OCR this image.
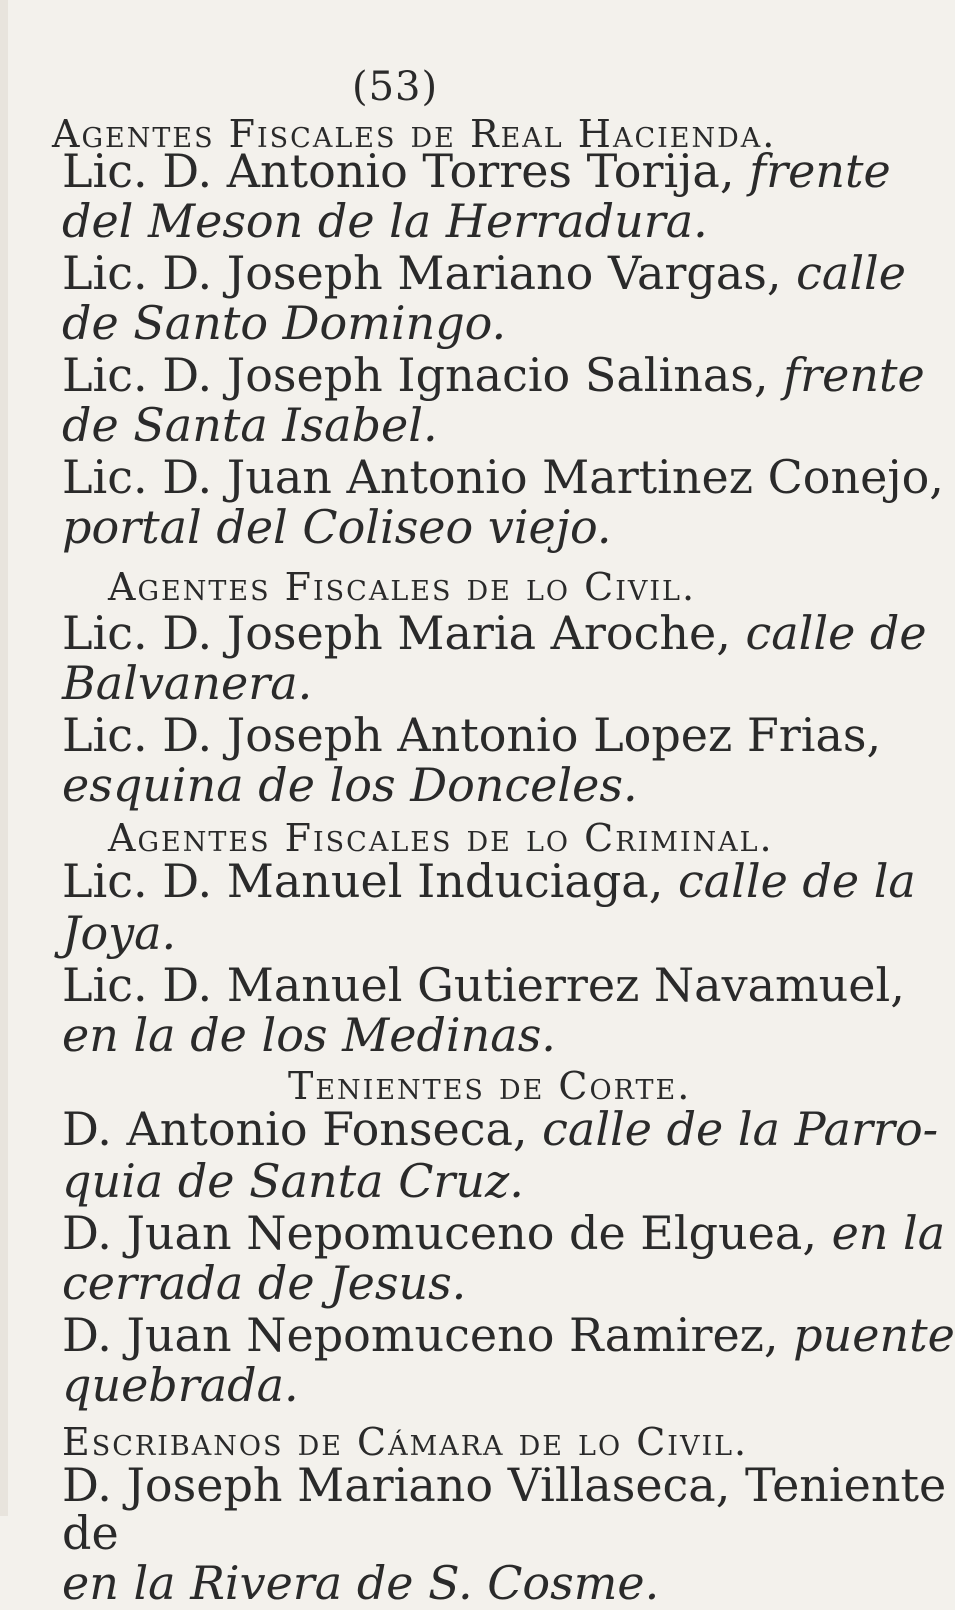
(53)
Agentes Fiscales de Real Hacienda.
Lic. D. Antonio Torres Torija, frente
del Meson de la Herradura.
Lic. D. Joseph Mariano Vargas, calle
de Santo Domingo.
Lic. D. Joseph Ignacio Salinas, frente
de Santa Isabel.
Lic. D. Juan Antonio Martinez Conejo,
portal del Coliseo viejo.
Agentes Fiscales de lo Civil.
Lic. D. Joseph Maria Aroche, calle de
Balvanera.
Lic. D. Joseph Antonio Lopez Frias,
esquina de los Donceles.
Agentes Fiscales de lo Criminal.
Lic. D. Manuel Induciaga, calle de la
Joya.
Lic. D. Manuel Gutierrez Navamuel,
en la de los Medinas.
Tenientes de Corte.
D. Antonio Fonseca, calle de la Parro-
quia de Santa Cruz.
D. Juan Nepomuceno de Elguea, en la
cerrada de Jesus.
D. Juan Nepomuceno Ramirez, puente
quebrada.
Escribanos de Cámara de lo Civil.
D. Joseph Mariano Villaseca, Teniente
de
en la Rivera de S. Cosme.
